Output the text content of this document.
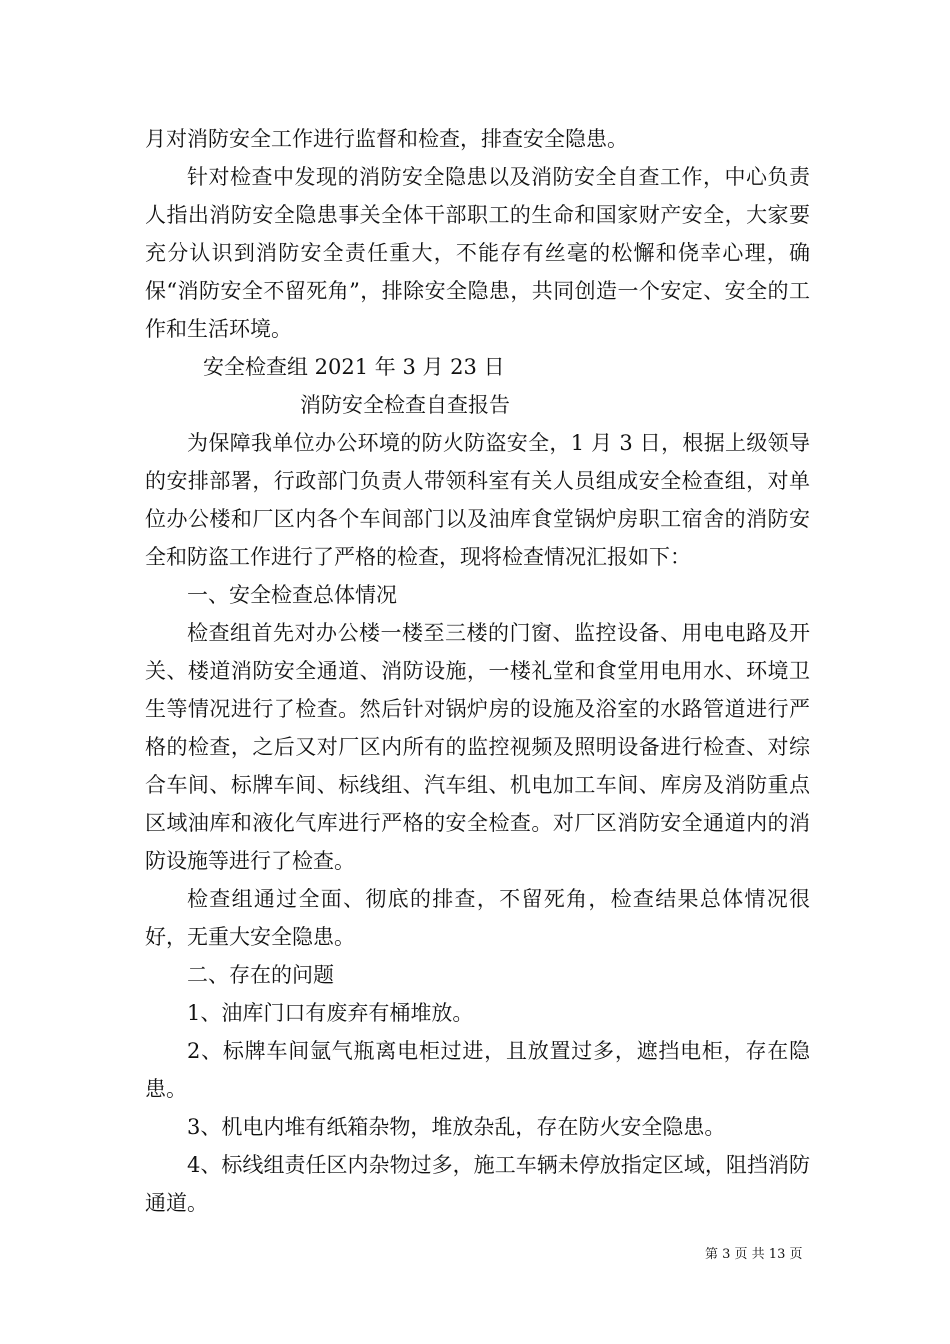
月对消防安全工作进行监督和检查，排查安全隐患。

针对检查中发现的消防安全隐患以及消防安全自查工作，中心负责人指出消防安全隐患事关全体干部职工的生命和国家财产安全，大家要充分认识到消防安全责任重大，不能存有丝毫的松懈和侥幸心理，确保“消防安全不留死角”，排除安全隐患，共同创造一个安定、安全的工作和生活环境。

安全检查组 2021 年 3 月 23 日

消防安全检查自查报告

为保障我单位办公环境的防火防盗安全，1 月 3 日，根据上级领导的安排部署，行政部门负责人带领科室有关人员组成安全检查组，对单位办公楼和厂区内各个车间部门以及油库食堂锅炉房职工宿舍的消防安全和防盗工作进行了严格的检查，现将检查情况汇报如下：

一、安全检查总体情况

检查组首先对办公楼一楼至三楼的门窗、监控设备、用电电路及开关、楼道消防安全通道、消防设施，一楼礼堂和食堂用电用水、环境卫生等情况进行了检查。然后针对锅炉房的设施及浴室的水路管道进行严格的检查，之后又对厂区内所有的监控视频及照明设备进行检查、对综合车间、标牌车间、标线组、汽车组、机电加工车间、库房及消防重点区域油库和液化气库进行严格的安全检查。对厂区消防安全通道内的消防设施等进行了检查。

检查组通过全面、彻底的排查，不留死角，检查结果总体情况很好，无重大安全隐患。

二、存在的问题

1、油库门口有废弃有桶堆放。

2、标牌车间氩气瓶离电柜过进，且放置过多，遮挡电柜，存在隐患。

3、机电内堆有纸箱杂物，堆放杂乱，存在防火安全隐患。

4、标线组责任区内杂物过多，施工车辆未停放指定区域，阻挡消防通道。

第 3 页 共 13 页
